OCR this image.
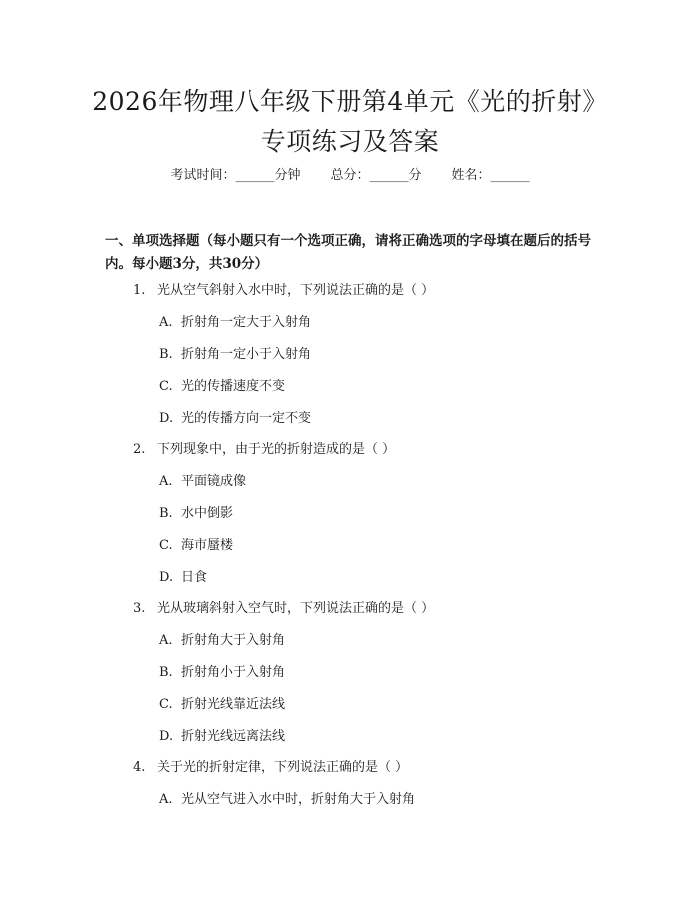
2026年物理八年级下册第4单元《光的折射》专项练习及答案
考试时间：______分钟 总分：______分 姓名：______

一、单项选择题（每小题只有一个选项正确，请将正确选项的字母填在题后的括号内。每小题3分，共30分）

1. 光从空气斜射入水中时，下列说法正确的是（ ）
A. 折射角一定大于入射角
B. 折射角一定小于入射角
C. 光的传播速度不变
D. 光的传播方向一定不变
2. 下列现象中，由于光的折射造成的是（ ）
A. 平面镜成像
B. 水中倒影
C. 海市蜃楼
D. 日食
3. 光从玻璃斜射入空气时，下列说法正确的是（ ）
A. 折射角大于入射角
B. 折射角小于入射角
C. 折射光线靠近法线
D. 折射光线远离法线
4. 关于光的折射定律，下列说法正确的是（ ）
A. 光从空气进入水中时，折射角大于入射角
